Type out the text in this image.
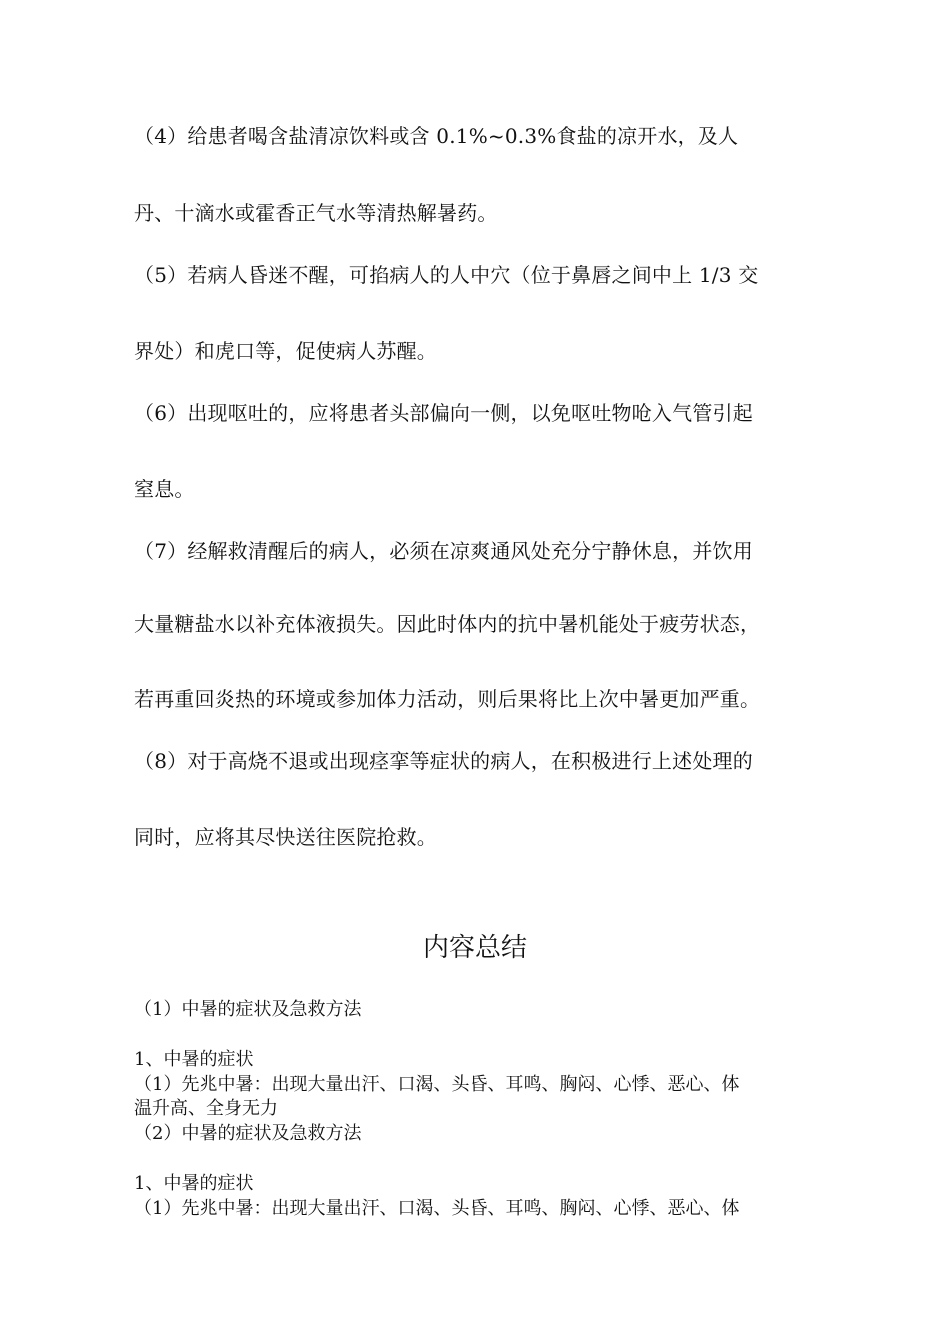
（4）给患者喝含盐清凉饮料或含 0.1%~0.3%食盐的凉开水，及人
丹、十滴水或霍香正气水等清热解暑药。
（5）若病人昏迷不醒，可掐病人的人中穴（位于鼻唇之间中上 1/3 交
界处）和虎口等，促使病人苏醒。
（6）出现呕吐的，应将患者头部偏向一侧，以免呕吐物呛入气管引起
窒息。
（7）经解救清醒后的病人，必须在凉爽通风处充分宁静休息，并饮用
大量糖盐水以补充体液损失。因此时体内的抗中暑机能处于疲劳状态，
若再重回炎热的环境或参加体力活动，则后果将比上次中暑更加严重。
（8）对于高烧不退或出现痉挛等症状的病人，在积极进行上述处理的
同时，应将其尽快送往医院抢救。
内容总结
（1）中暑的症状及急救方法
1、中暑的症状
（1）先兆中暑：出现大量出汗、口渴、头昏、耳鸣、胸闷、心悸、恶心、体
温升高、全身无力
（2）中暑的症状及急救方法
1、中暑的症状
（1）先兆中暑：出现大量出汗、口渴、头昏、耳鸣、胸闷、心悸、恶心、体
